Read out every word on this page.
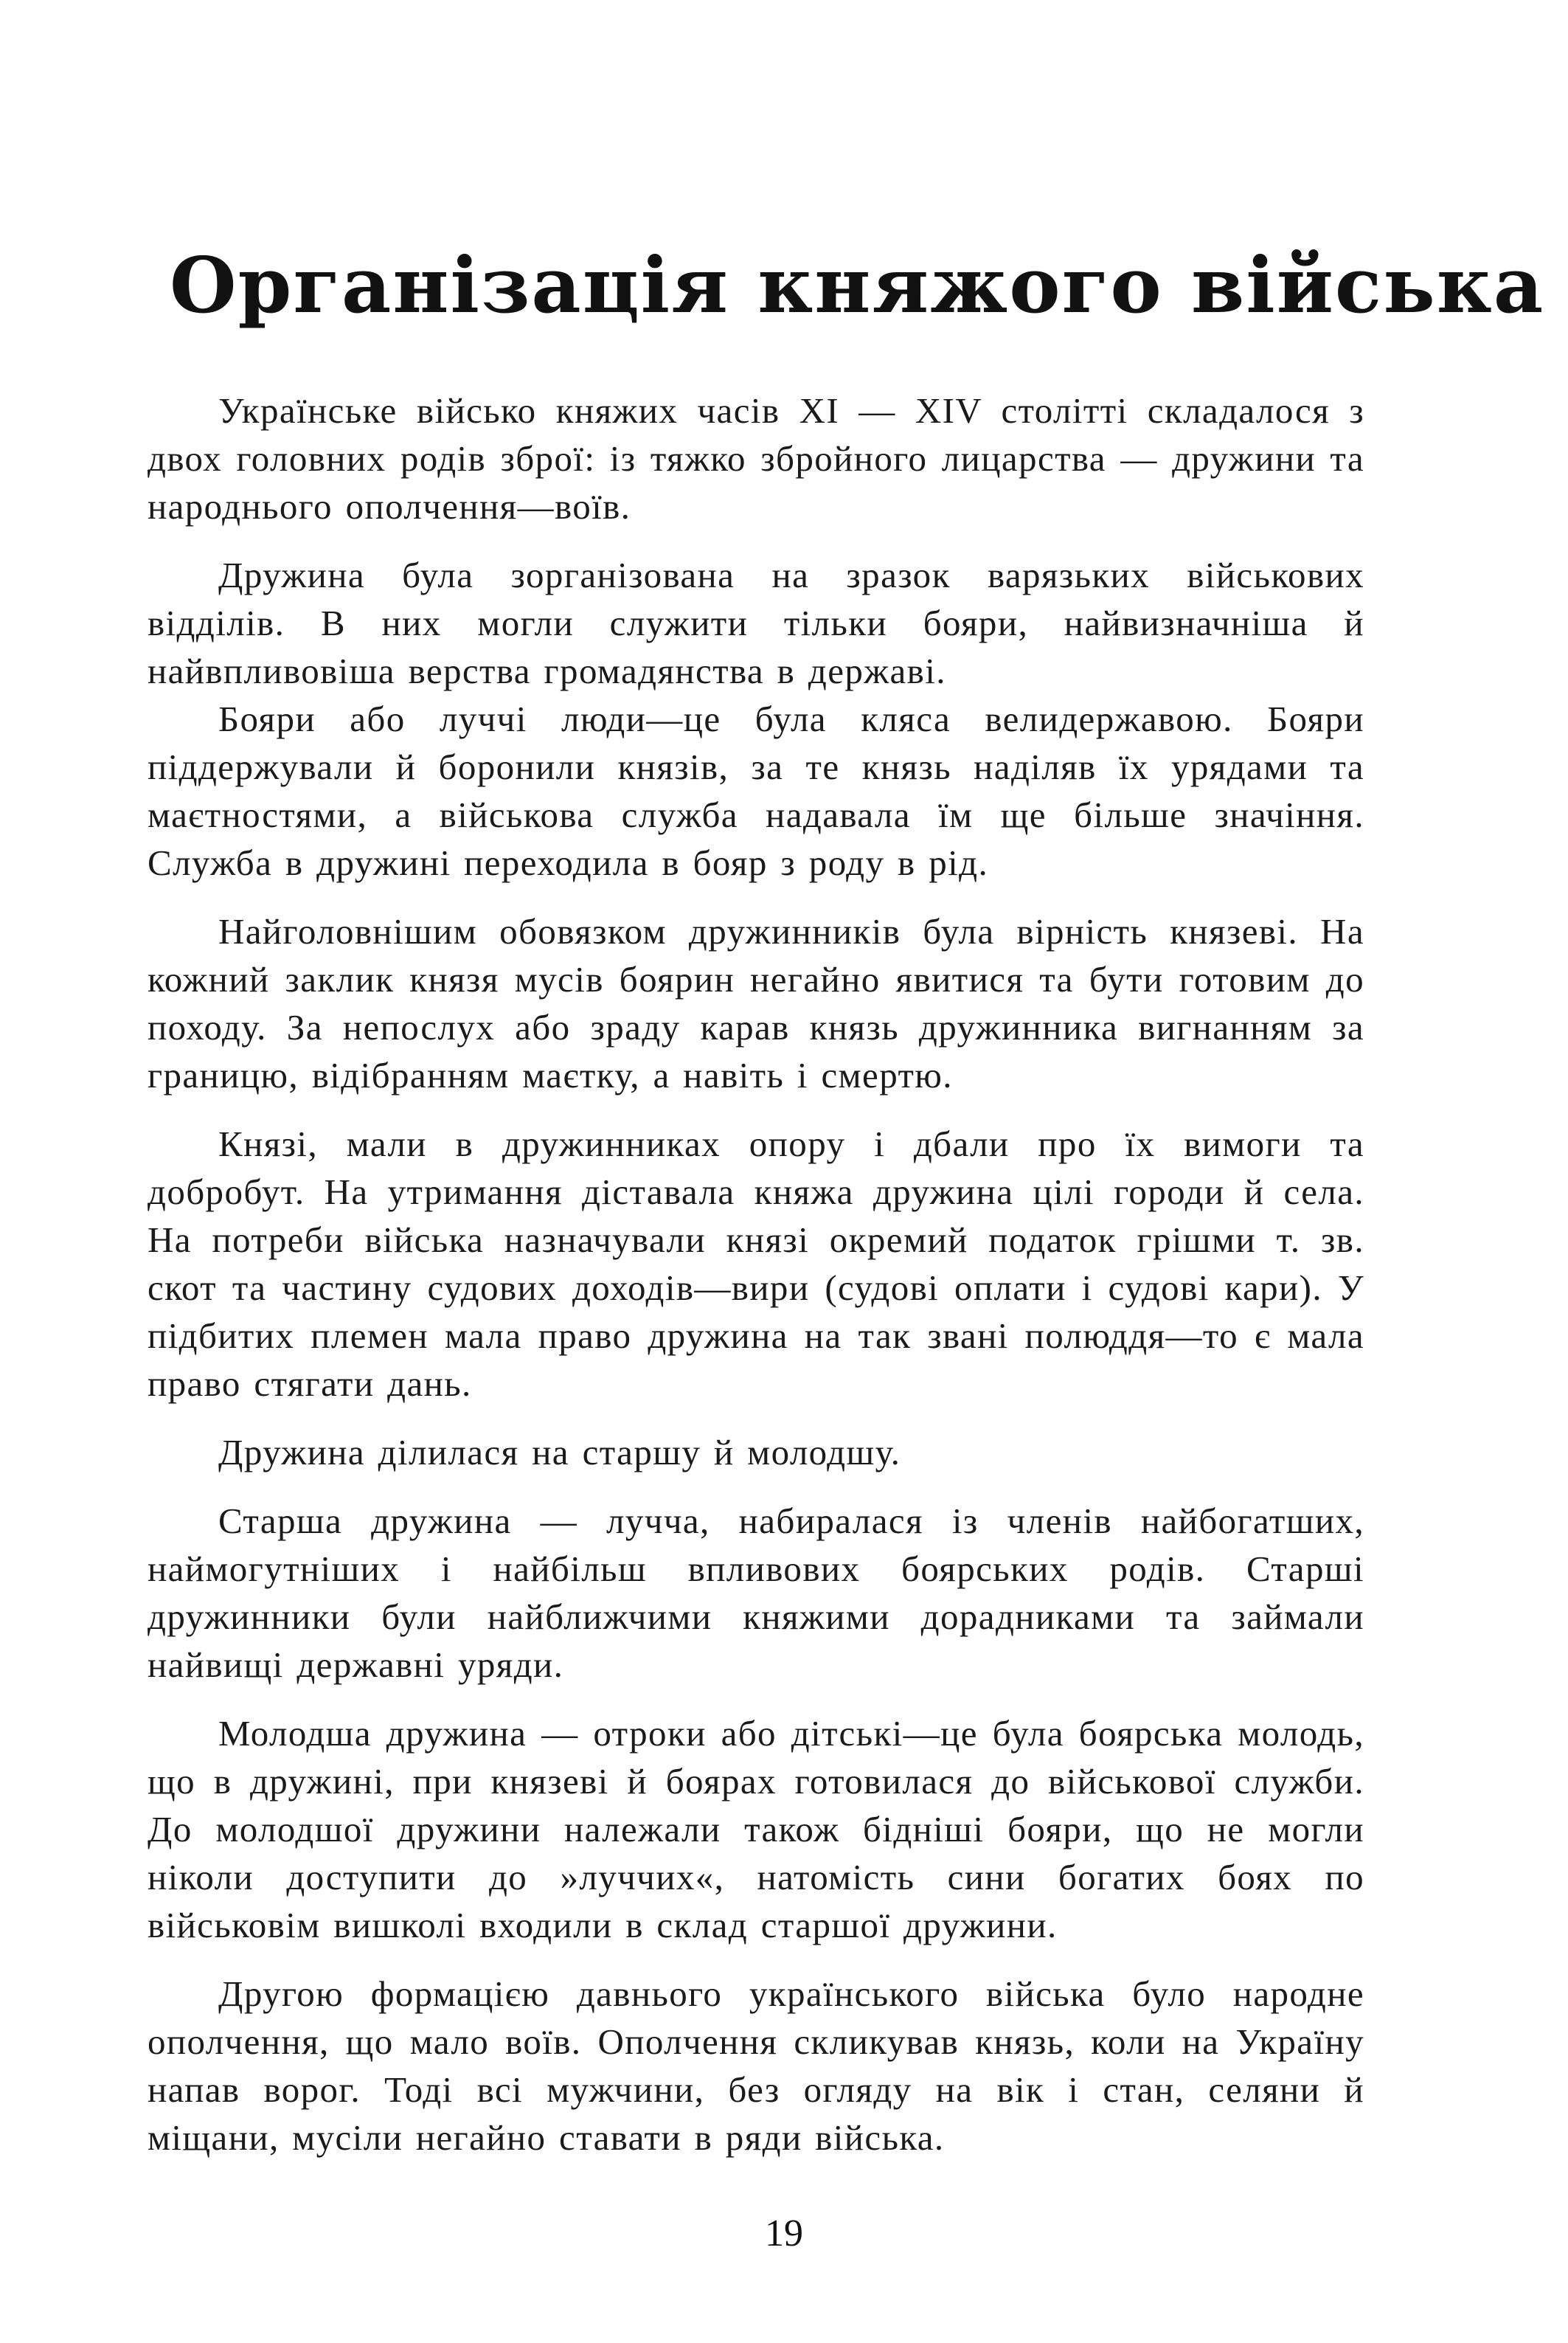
Організація княжого війська

Українське військо княжих часів XI — XIV столітті складалося з двох головних родів зброї: із тяжко збройного лицарства — дружини та народнього ополчення—воїв.

Дружина була зорганізована на зразок варязьких військових відділів. В них могли служити тільки бояри, найвизначніша й найвпливовіша верства громадянства в державі.

Бояри або луччі люди—це була кляса велидержавою. Бояри піддержували й боронили князів, за те князь наділяв їх урядами та маєтностями, а військова служба надавала їм ще більше значіння. Служба в дружині переходила в бояр з роду в рід.

Найголовнішим обовязком дружинників була вірність князеві. На кожний заклик князя мусів боярин негайно явитися та бути готовим до походу. За непослух або зраду карав князь дружинника вигнанням за границю, відібранням маєтку, а навіть і смертю.

Князі, мали в дружинниках опору і дбали про їх вимоги та добробут. На утримання діставала княжа дружина цілі городи й села. На потреби війська назначували князі окремий податок грішми т. зв. скот та частину судових доходів—вири (судові оплати і судові кари). У підбитих племен мала право дружина на так звані полюддя—то є мала право стягати дань.

Дружина ділилася на старшу й молодшу.

Старша дружина — лучча, набиралася із членів найбогатших, наймогутніших і найбільш впливових боярських родів. Старші дружинники були найближчими княжими дорадниками та займали найвищі державні уряди.

Молодша дружина — отроки або дітські—це була боярська молодь, що в дружині, при князеві й боярах готовилася до військової служби. До молодшої дружини належали також бідніші бояри, що не могли ніколи доступити до »луччих«, натомість сини богатих боях по військовім вишколі входили в склад старшої дружини.

Другою формацією давнього українського війська було народне ополчення, що мало воїв. Ополчення скликував князь, коли на Україну напав ворог. Тоді всі мужчини, без огляду на вік і стан, селяни й міщани, мусіли негайно ставати в ряди війська.

19
